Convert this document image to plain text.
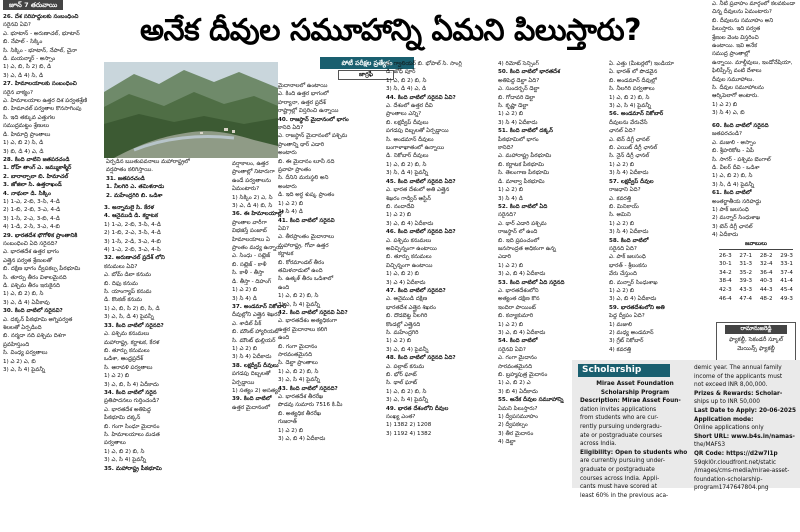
జూన్ 7 తరువాయి
అనేక దీవుల సమూహాన్ని ఏమని పిలుస్తారు?

26. దేశ సరిహద్దులకు సంబంధించి

సరైనవి ఏవి?

ఎ. భూటాన్ - అరుణాచల్, భూటాన్

బి. నేపాల్ - సిక్కిం

సి. సిక్కిం - భూటాన్, నేపాల్, చైనా

డి. మయన్మార్ - అస్సాం

1) ఎ, బి, సి 2) బి, డి

3) ఎ, డి 4) సి, డి

27. హిమాలయాలకు సంబంధించి

సరైన వాక్యం?

ఎ. హిమాలయాల ఉత్తర దిశ పర్వతశ్రేణి

బి. హిమాచల్ పర్వతాల కొనసాగింపు

సి. ఇది తక్కువ ఎత్తుగల

సముద్రమట్టం శ్రేణులు

డి. హిమాద్రి ప్రాంతాలు

1) ఎ, బి 2) సి, డి

3) బి, డి 4) ఎ, డి

28. కింది వాటిని జతపరచండి

1. రోహ్ తాంగ్ ఎ. జమ్ముకాశ్మీర్

2. బారాల్చాలా బి. హిమాచల్

3. జోజిలా సి. ఉత్తరాఖండ్

4. నాథులా డి. సిక్కిం

1) 1-ఎ, 2-బి, 3-సి, 4-డి

2) 1-బి, 2-బి, 3-ఎ, 4-డి

3) 1-సి, 2-ఎ, 3-బి, 4-డి

4) 1-డి, 2-సి, 3-ఎ, 4-బి

29. భారతదేశ భౌగోళిక ప్రాంతానికి

సంబంధించి ఏది సరైనది?

ఎ. భారతదేశ ఉత్తర భాగం

ఎత్తైన పర్వత శ్రేణులతో

బి. దక్షిణ భాగం ద్వీపకల్ప పీఠభూమి

సి. తూర్పు తీరం విశాలమైనది

డి. పశ్చిమ తీరం ఇరుకైనది

1) ఎ, బి 2) బి, సి

3) ఎ, డి 4) ఏవీకావు

30. కింది వాటిలో సరైనవి?

ఎ. దక్కన్ పీఠభూమి అగ్నిపర్వత

శిలలతో ఏర్పడింది

బి. నర్మదా నది పశ్చిమ దిశగా

ప్రవహిస్తుంది

సి. వింధ్య పర్వతాలు

1) ఎ 2) ఎ, బి

3) ఎ, సి 4) పైవన్నీ

ఏర్పడిన ఋతుపవనాలు మహారాష్ట్రలో

వర్షపాతం కలిగిస్తాయి.

31. జతపరచండి

1. నీలగిరి ఎ. తమిళనాడు

2. మహేంద్రగిరి బి. ఒడిశా

3. అన్నామలై సి. కేరళ

4. ఆనైముడి డి. కర్ణాటక

1) 1-ఎ, 2-బి, 3-సి, 4-డి

2) 1-బి, 2-ఎ, 3-సి, 4-డి

3) 1-సి, 2-డి, 3-ఎ, 4-బి

4) 1-ఎ, 2-బి, 3-ఎ, 4-సి

32. అరుణాచల్ ప్రదేశ్ లోని

కనుమలు ఏవి?

ఎ. బోమ్ డిలా కనుమ

బి. దిఫు కనుమ

సి. యాంగ్యాప్ కనుమ

డి. కొంకణ్ కనుమ

1) ఎ, బి, సి 2) బి, సి, డి

3) ఎ, సి, డి 4) పైవన్నీ

33. కింది వాటిలో సరైనది?

ఎ. పశ్చిమ కనుమలు

మహారాష్ట్ర, కర్ణాటక, కేరళ

బి. తూర్పు కనుమలు

ఒడిశా, ఆంధ్రప్రదేశ్

సి. ఆరావళి పర్వతాలు

1) ఎ 2) బి

3) ఎ, బి, సి 4) ఏదీకాదు

34. కింది వాటిలో సరైన

ప్రతిపాదనలు గుర్తించండి?

ఎ. భారతదేశ అతిపెద్ద

పీఠభూమి దక్కన్

బి. గంగా సింధూ మైదానం

సి. హిమాలయాలు మడత

పర్వతాలు

1) ఎ, బి 2) బి, సి

3) ఎ, సి 4) పైవన్నీ

35. మహారాష్ట్ర పీఠభూమి

వర్షాకాలం, ఉత్తర

ప్రాంతాల్లో నిటారుగా

ఉండే పర్వతాలను

ఏమంటారు?

1) సిక్కిం 2) ఎ, సి

3) ఎ, డి 4) బి, సి

36. ఈ హిమాలయాల్లో

ప్రాంతాల వారీగా

విభజిస్తే పంజాబ్

హిమాలయాలు ఏ

ప్రాంతం మధ్య ఉన్నాయి

ఎ. సింధు - సట్లెజ్

బి. సట్లెజ్ - కాళీ

సి. కాళీ - తీస్తా

డి. తీస్తా - దిహంగ్

1) ఎ 2) బి

3) సి 4) డి

37. అండమాన్ నికోబార్

దీవుల్లోని ఎత్తైన శిఖరం

ఎ. శాడిల్ పీక్

బి. మౌంట్ హ్యారియట్

సి. మౌంట్ థుల్లియర్

1) ఎ 2) బి

3) సి 4) ఏదీకాదు

38. లక్షద్వీప్ దీవులు

పగడపు దిబ్బలతో

ఏర్పడ్డాయి

1) సత్యం 2) అసత్యం

39. కింది వాటిలో

ఉత్తర మైదానంలో

పోటీ పరీక్షల ప్రత్యేకం
జాగ్రఫీ

మైదానాలలో ఉంటాయి

ఎ. కింది ఉత్తర భాగంలో

హర్యానా, ఉత్తర ప్రదేశ్

రాష్ట్రాల్లో విస్తరించి ఉన్నాయి

40. రాజస్థాన్ మైదానంలో భాగం

కానిది ఏది?

ఎ. రాజస్థాన్ మైదానంలో పశ్చిమ

ప్రాంతాన్ని థార్ ఎడారి

అంటారు

బి. ఈ మైదానం లూనీ నది

ప్రవాహ ప్రాంతం

సి. దీనిని మరుస్థలి అని

అంటారు

డి. ఇది అర్ధ శుష్క ప్రాంతం

1) ఎ 2) బి

3) సి 4) డి

41. కింది వాటిలో సరైనవి

ఏవి?

ఎ. తీరప్రాంతం మైదానాలు

మహారాష్ట్ర, గోవా ఉత్తర

కర్ణాటక

బి. కోరమాండల్ తీరం

తమిళనాడులో ఉంది

సి. ఉత్కళ్ తీరం ఒడిశాలో

ఉంది

1) ఎ, బి 2) బి, సి

3) ఎ, సి 4) పైవన్నీ

42. కింది వాటిలో సరైనవి ఏవి?

ఎ. భారతదేశం అత్యధికంగా

ఉత్తర మైదానాలు కలిగి

ఉంది

బి. గంగా మైదానం

సారవంతమైనది

సి. డెల్టా ప్రాంతాలు

1) ఎ, బి 2) బి, సి

3) ఎ, సి 4) పైవన్నీ

43. కింది వాటిలో సరైనది?

ఎ. భారతదేశ తీరరేఖ

పొడవు సుమారు 7516 కి.మీ

బి. అత్యధిక తీరరేఖ

గుజరాత్

1) ఎ 2) బి

3) ఎ, బి 4) ఏదీకాదు

ఎ. గ్వాలియర్ బి. భోపాల్ సి. సాంగ్లి

డి. జోధ్ పూర్

1) ఎ, బి 2) బి, సి

3) సి, డి 4) ఎ, డి

44. కింది వాటిలో సరైనవి ఏవి?

ఎ. దేశంలో ఉత్తర దీవి

ప్రాంతాలు ఎన్ని?

బి. లక్షద్వీప్ దీవులు

పగడపు దిబ్బలతో ఏర్పడ్డాయి

సి. అండమాన్ దీవులు

బంగాళాఖాతంలో ఉన్నాయి

డి. నికోబార్ దీవులు

1) ఎ, బి 2) బి, సి

3) సి, డి 4) పైవన్నీ

45. కింది వాటిలో సరైనది ఏది?

ఎ. భారత దేశంలో అతి ఎత్తైన

శిఖరం గాడ్విన్ ఆస్టిన్

బి. నందాదేవి

1) ఎ 2) బి

3) ఎ, బి 4) ఏదీకాదు

46. కింది వాటిలో సరైనది ఏది?

ఎ. పశ్చిమ కనుమలు

అవిచ్ఛిన్నంగా ఉంటాయి

బి. తూర్పు కనుమలు

విచ్ఛిన్నంగా ఉంటాయి

1) ఎ, బి 2) బి

3) ఎ 4) ఏదీకాదు

47. కింది వాటిలో సరైనది?

ఎ. ఆనైముడి దక్షిణ

భారతదేశ ఎత్తైన శిఖరం

బి. దొడబెట్ట నీలగిరి

కొండల్లో ఎత్తైనది

సి. మహేంద్రగిరి

1) ఎ 2) బి

3) ఎ, బి 4) పైవన్నీ

48. కింది వాటిలో సరైనది ఏది?

ఎ. పల్గాట్ కనుమ

బి. భోర్ ఘాట్

సి. థాల్ ఘాట్

1) ఎ, బి 2) బి, సి

3) ఎ, సి 4) పైవన్నీ

49. భారత దేశంలోని దీవుల

సంఖ్య ఎంత?

1) 1382 2) 1208

3) 1192 4) 1382

4) రిమోట్ సెన్సింగ్

50. కింది వాటిలో భారతదేశ

అతిపెద్ద డెల్టా ఏది?

ఎ. సుందర్బన్ డెల్టా

బి. గోదావరి డెల్టా

సి. కృష్ణా డెల్టా

1) ఎ 2) బి

3) సి 4) ఏదీకాదు

51. కింది వాటిలో దక్కన్

పీఠభూమిలో భాగం

కానిది?

ఎ. మహారాష్ట్ర పీఠభూమి

బి. కర్ణాటక పీఠభూమి

సి. తెలంగాణ పీఠభూమి

డి. మాల్వా పీఠభూమి

1) ఎ 2) బి

3) సి 4) డి

52. కింది వాటిలో ఏది

సరైనది?

ఎ. థార్ ఎడారి పశ్చిమ

రాజస్థాన్ లో ఉంది

బి. ఇది ప్రపంచంలో

జనసాంద్రత అధికంగా ఉన్న

ఎడారి

1) ఎ 2) బి

3) ఎ, బి 4) ఏదీకాదు

53. కింది వాటిలో ఏది సరైనది

ఎ. భారతదేశంలోని

అత్యంత దక్షిణ కొన

ఇందిరా పాయింట్

బి. కన్యాకుమారి

1) ఎ 2) బి

3) ఎ, బి 4) ఏదీకాదు

54. కింది వాటిలో

సరైనవి ఏవి?

ఎ. గంగా మైదానం

సారవంతమైనది

బి. బ్రహ్మపుత్ర మైదానం

1) ఎ, బి 2) ఎ

3) బి 4) ఏదీకాదు

55. అనేక దీవుల సమూహాన్ని

ఏమని పిలుస్తారు?

1) ద్వీపసమూహం

2) ద్వీపకల్పం

3) తీర మైదానం

4) డెల్టా

ఏ. ఎత్తు (మీటర్లలో) ఇండియా

ఏ. భారత్ లో పొడవైన

బి. అండమాన్ దీవుల్లో

సి. నీలగిరి పర్వతాలు

1) ఎ, బి 2) బి, సి

3) ఎ, సి 4) పైవన్నీ

56. అండమాన్ నికోబార్

దీవులను వేరుచేసే

ఛానల్ ఏది?

ఎ. టెన్ డిగ్రీ ఛానల్

బి. ఎయిట్ డిగ్రీ ఛానల్

సి. నైన్ డిగ్రీ ఛానల్

1) ఎ 2) బి

3) సి 4) ఏదీకాదు

57. లక్షద్వీప్ దీవుల

రాజధాని ఏది?

ఎ. కవరత్తి

బి. మినికాయ్

సి. అమిని

1) ఎ 2) బి

3) సి 4) ఏదీకాదు

58. కింది వాటిలో

సరైనది ఏది?

ఎ. పాక్ జలసంధి

భారత్ - శ్రీలంకను

వేరు చేస్తుంది

బి. మన్నార్ సింధుశాఖ

1) ఎ 2) బి

3) ఎ, బి 4) ఏదీకాదు

59. భారతదేశంలోని అతి

పెద్ద ద్వీపం ఏది?

1) మజులి

2) మధ్య అండమాన్

3) గ్రేట్ నికోబార్

4) కవరత్తి

ఎ. నీటి ప్రవాహం మార్గంలో కలవకుండా

చిన్న దీవులను ఏమంటారు?

బి. దీవులను సమూహం అని

పిలుస్తారు. ఇది పర్వత

శ్రేణుల వెంట విస్తరించి

ఉంటాయి. ఇవి అనేక

సముద్ర ప్రాంతాల్లో

ఉన్నాయి. మాల్దీవులు, ఇండోనేషియా,

ఫిలిప్పీన్స్ వంటి దేశాలు

దీవుల సమూహాలు.

సి. దీవుల సమూహాలను

ఆర్కిపెలాగో అంటారు.

1) ఎ 2) బి

3) సి 4) ఎ, బి

60. కింది వాటిలో సరైనది

జతపరచండి?

ఎ. మజులి - అస్సాం

బి. శ్రీహరికోట - ఏపీ

సి. సాగర్ - పశ్చిమ బెంగాల్

డి. వీలర్ దీవి - ఒడిశా

1) ఎ, బి 2) బి, సి

3) సి, డి 4) పైవన్నీ

61. కింది వాటిలో

అంతర్జాతీయ సరిహద్దు

1) పాక్ జలసంధి

2) మన్నార్ సింధుశాఖ

3) టెన్ డిగ్రీ ఛానల్

4) ఏదీకాదు

జవాబులు
26-3 27-1 28-2 29-3
30-1 31-3 32-4 33-1
34-2 35-2 36-4 37-4
38-4 39-3 40-3 41-4
42-3 43-3 44-3 45-4
46-4 47-4 48-2 49-3
రామానుజరెడ్డి
ఫ్యాకల్టీ, సెకండరీ స్కూల్
మెయిన్స్ ఫ్యాకల్టీ
Scholarship

Mirae Asset Foundation

Scholarship Program

Description: Mirae Asset Foun-

dation invites applications

from students who are cur-

rently pursuing undergradu-

ate or postgraduate courses

across India.

Eligibility: Open to students who

are currently pursuing under-

graduate or postgraduate

courses across India. Appli-

cants must have scored at

least 60% in the previous aca-

demic year. The annual family

income of the applicants must

not exceed INR 8,00,000.

Prizes & Rewards: Scholar-

ships up to INR 50,000

Last Date to Apply: 20-06-2025

Application mode:

Online applications only

Short URL: www.b4s.in/namas-

the/MAFS3

QR Code: https://d2w7l1p

59qkl0r.cloudfront.net/static

/images/cms-media/mirae-asset-

foundation-scholarship-

program1747647804.png
